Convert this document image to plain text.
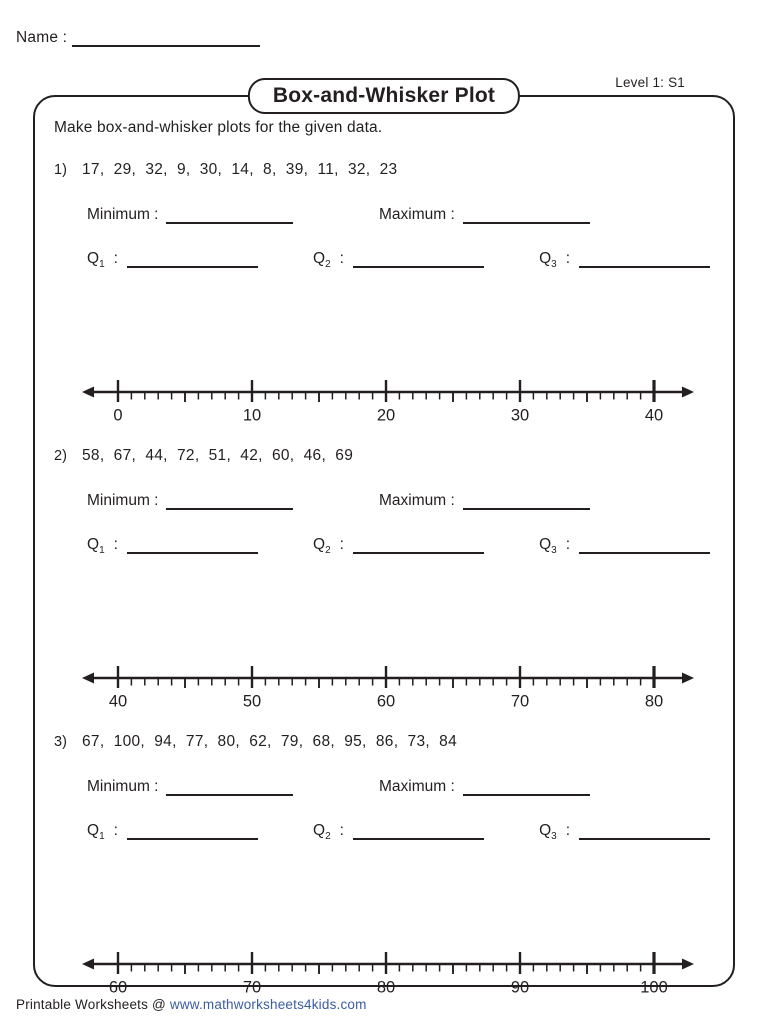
Name :
Box-and-Whisker Plot
Level 1: S1
Make box-and-whisker plots for the given data.
1) 17,  29,  32,  9,  30,  14,  8,  39,  11,  32,  23
Minimum :	Maximum :
$Q_1$ :	$Q_2$ :	$Q_3$ :
0	10	20	30	40
2) 58,  67,  44,  72,  51,  42,  60,  46,  69
Minimum :	Maximum :
$Q_1$ :	$Q_2$ :	$Q_3$ :
40	50	60	70	80
3) 67,  100,  94,  77,  80,  62,  79,  68,  95,  86,  73,  84
Minimum :	Maximum :
$Q_1$ :	$Q_2$ :	$Q_3$ :
60	70	80	90	100
Printable Worksheets @ www.mathworksheets4kids.com
